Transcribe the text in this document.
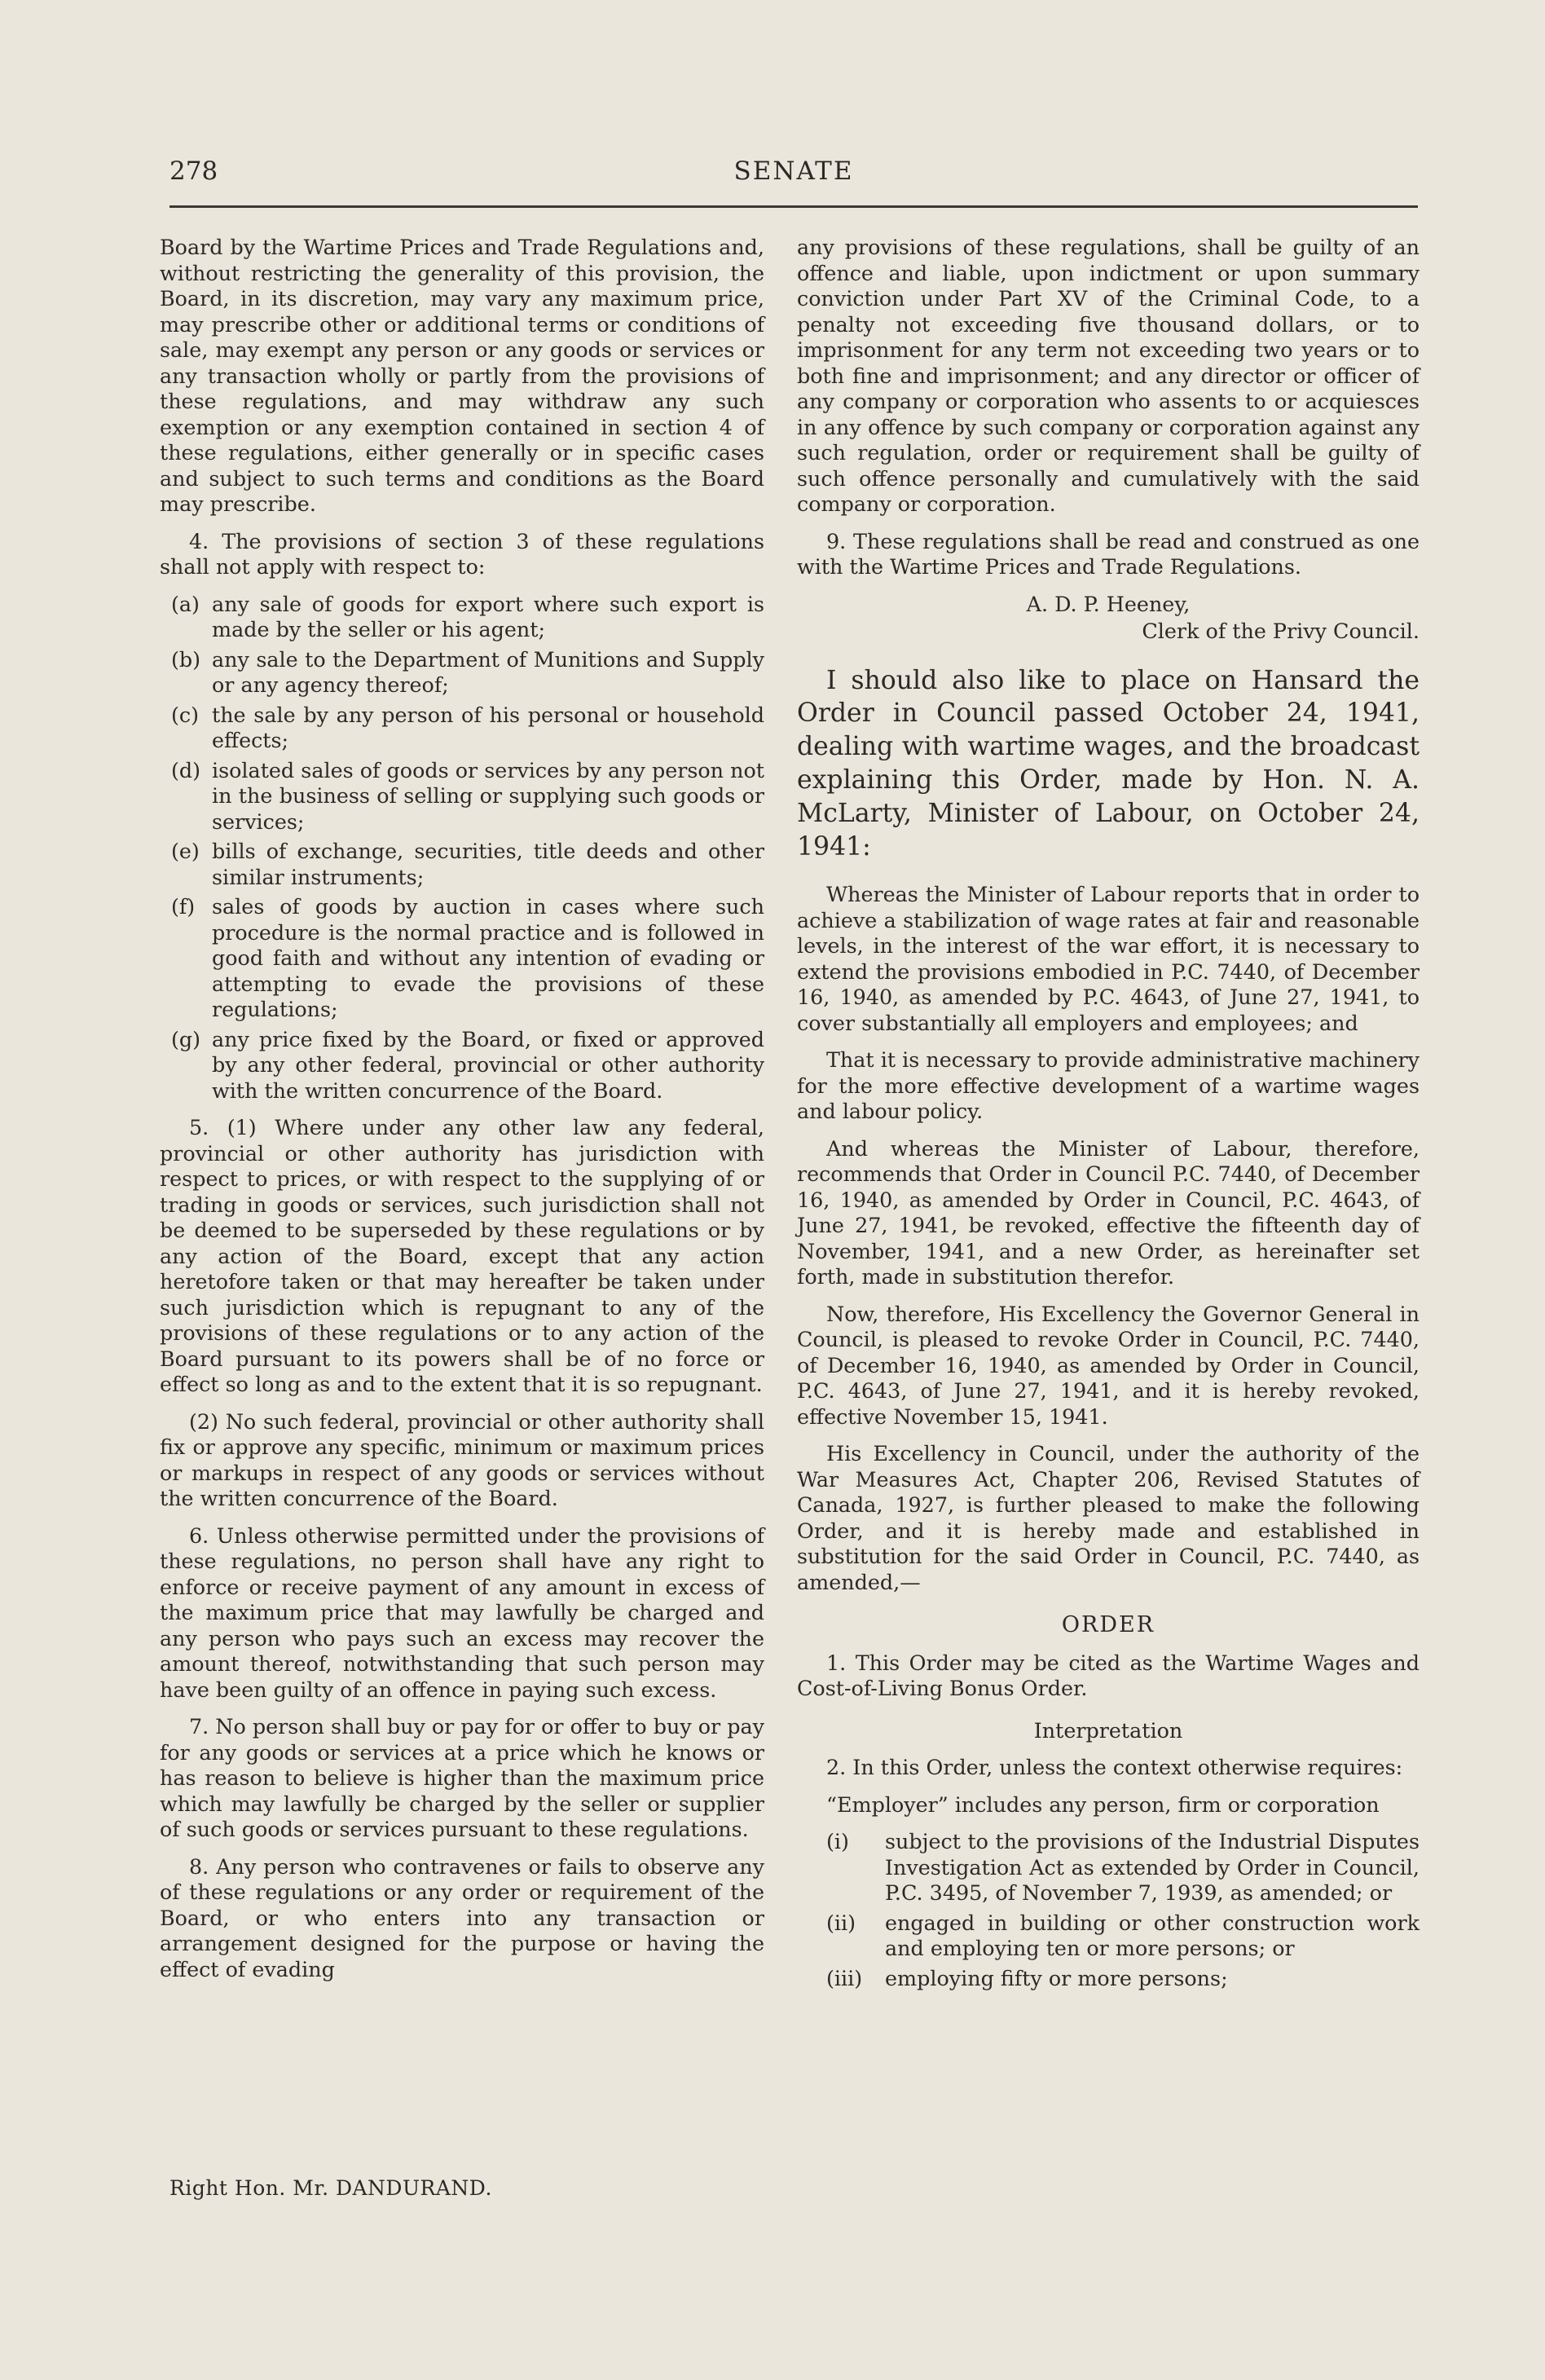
278	SENATE

Board by the Wartime Prices and Trade Regulations and, without restricting the generality of this provision, the Board, in its discretion, may vary any maximum price, may prescribe other or additional terms or conditions of sale, may exempt any person or any goods or services or any transaction wholly or partly from the provisions of these regulations, and may withdraw any such exemption or any exemption contained in section 4 of these regulations, either generally or in specific cases and subject to such terms and conditions as the Board may prescribe.

4. The provisions of section 3 of these regulations shall not apply with respect to:

(a) any sale of goods for export where such export is made by the seller or his agent;
(b) any sale to the Department of Munitions and Supply or any agency thereof;
(c) the sale by any person of his personal or household effects;
(d) isolated sales of goods or services by any person not in the business of selling or supplying such goods or services;
(e) bills of exchange, securities, title deeds and other similar instruments;
(f) sales of goods by auction in cases where such procedure is the normal practice and is followed in good faith and without any intention of evading or attempting to evade the provisions of these regulations;
(g) any price fixed by the Board, or fixed or approved by any other federal, provincial or other authority with the written concurrence of the Board.

5. (1) Where under any other law any federal, provincial or other authority has jurisdiction with respect to prices, or with respect to the supplying of or trading in goods or services, such jurisdiction shall not be deemed to be superseded by these regulations or by any action of the Board, except that any action heretofore taken or that may hereafter be taken under such jurisdiction which is repugnant to any of the provisions of these regulations or to any action of the Board pursuant to its powers shall be of no force or effect so long as and to the extent that it is so repugnant.

(2) No such federal, provincial or other authority shall fix or approve any specific, minimum or maximum prices or markups in respect of any goods or services without the written concurrence of the Board.

6. Unless otherwise permitted under the provisions of these regulations, no person shall have any right to enforce or receive payment of any amount in excess of the maximum price that may lawfully be charged and any person who pays such an excess may recover the amount thereof, notwithstanding that such person may have been guilty of an offence in paying such excess.

7. No person shall buy or pay for or offer to buy or pay for any goods or services at a price which he knows or has reason to believe is higher than the maximum price which may lawfully be charged by the seller or supplier of such goods or services pursuant to these regulations.

8. Any person who contravenes or fails to observe any of these regulations or any order or requirement of the Board, or who enters into any transaction or arrangement designed for the purpose or having the effect of evading

Right Hon. Mr. DANDURAND.

any provisions of these regulations, shall be guilty of an offence and liable, upon indictment or upon summary conviction under Part XV of the Criminal Code, to a penalty not exceeding five thousand dollars, or to imprisonment for any term not exceeding two years or to both fine and imprisonment; and any director or officer of any company or corporation who assents to or acquiesces in any offence by such company or corporation against any such regulation, order or requirement shall be guilty of such offence personally and cumulatively with the said company or corporation.

9. These regulations shall be read and construed as one with the Wartime Prices and Trade Regulations.

A. D. P. Heeney,
Clerk of the Privy Council.

I should also like to place on Hansard the Order in Council passed October 24, 1941, dealing with wartime wages, and the broadcast explaining this Order, made by Hon. N. A. McLarty, Minister of Labour, on October 24, 1941:

Whereas the Minister of Labour reports that in order to achieve a stabilization of wage rates at fair and reasonable levels, in the interest of the war effort, it is necessary to extend the provisions embodied in P.C. 7440, of December 16, 1940, as amended by P.C. 4643, of June 27, 1941, to cover substantially all employers and employees; and

That it is necessary to provide administrative machinery for the more effective development of a wartime wages and labour policy.

And whereas the Minister of Labour, therefore, recommends that Order in Council P.C. 7440, of December 16, 1940, as amended by Order in Council, P.C. 4643, of June 27, 1941, be revoked, effective the fifteenth day of November, 1941, and a new Order, as hereinafter set forth, made in substitution therefor.

Now, therefore, His Excellency the Governor General in Council, is pleased to revoke Order in Council, P.C. 7440, of December 16, 1940, as amended by Order in Council, P.C. 4643, of June 27, 1941, and it is hereby revoked, effective November 15, 1941.

His Excellency in Council, under the authority of the War Measures Act, Chapter 206, Revised Statutes of Canada, 1927, is further pleased to make the following Order, and it is hereby made and established in substitution for the said Order in Council, P.C. 7440, as amended,—

ORDER

1. This Order may be cited as the Wartime Wages and Cost-of-Living Bonus Order.

Interpretation

2. In this Order, unless the context otherwise requires:

“Employer” includes any person, firm or corporation

(i) subject to the provisions of the Industrial Disputes Investigation Act as extended by Order in Council, P.C. 3495, of November 7, 1939, as amended; or
(ii) engaged in building or other construction work and employing ten or more persons; or
(iii) employing fifty or more persons;
